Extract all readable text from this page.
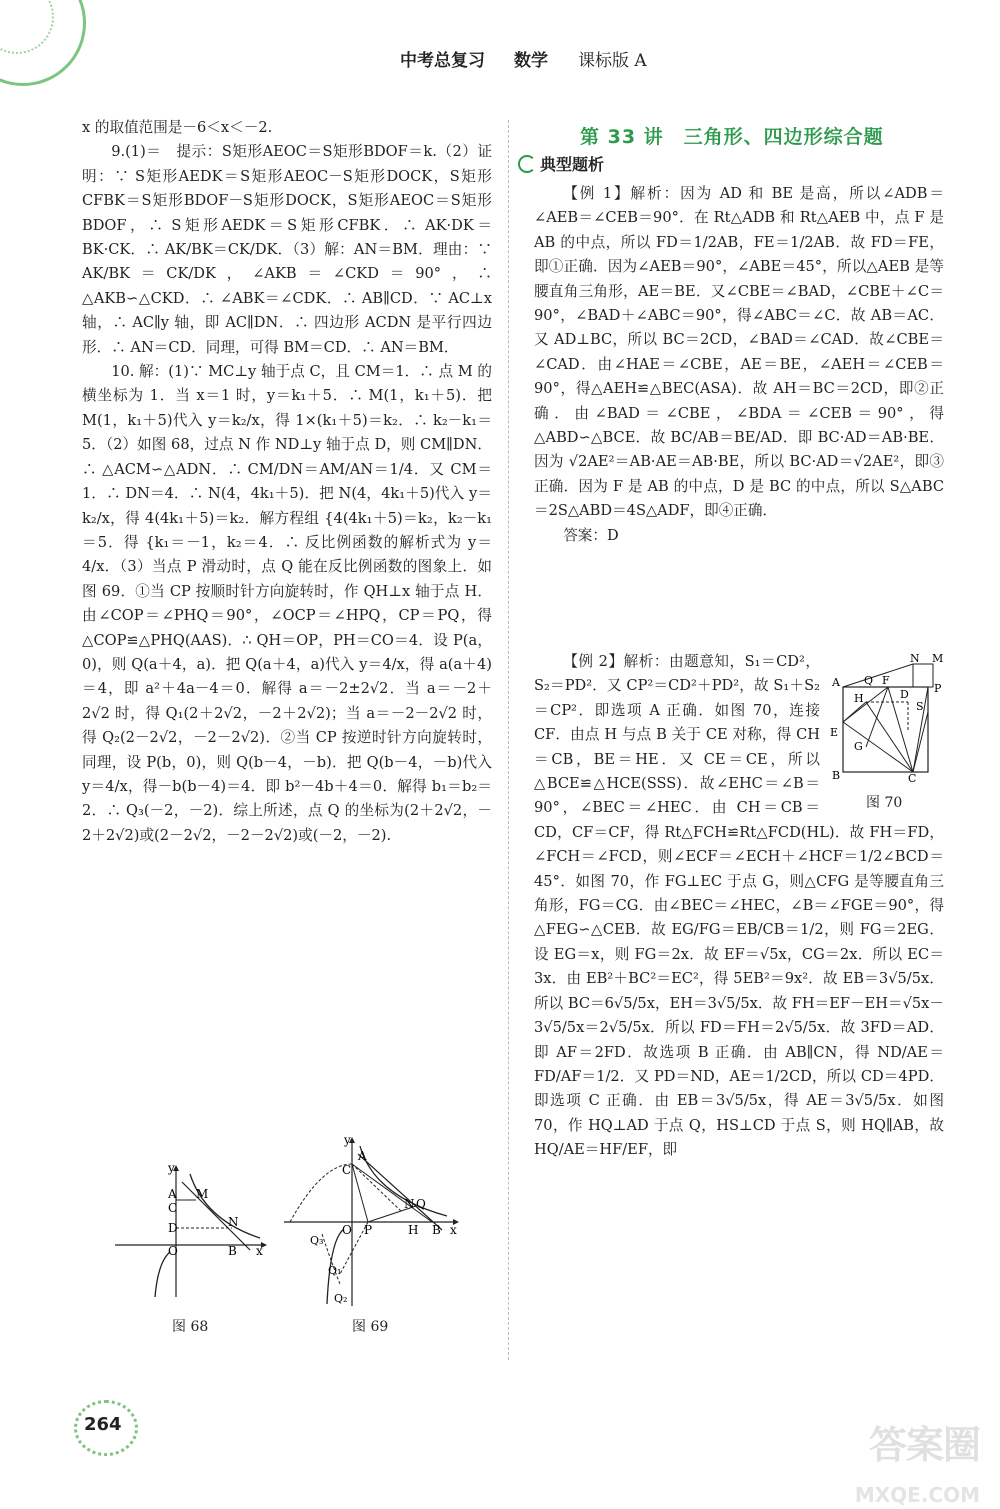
中考总复习 数学 课标版 A

x 的取值范围是－6＜x＜－2.

9.(1)＝　提示：S矩形AEOC＝S矩形BDOF＝k.（2）证明：∵ S矩形AEDK＝S矩形AEOC－S矩形DOCK，S矩形CFBK＝S矩形BDOF－S矩形DOCK，S矩形AEOC＝S矩形BDOF，∴ S矩形AEDK＝S矩形CFBK．∴ AK·DK＝BK·CK．∴ AK/BK＝CK/DK．（3）解：AN＝BM．理由：∵ AK/BK＝CK/DK，∠AKB＝∠CKD＝90°，∴ △AKB∽△CKD．∴ ∠ABK＝∠CDK．∴ AB∥CD．∵ AC⊥x 轴，∴ AC∥y 轴，即 AC∥DN．∴ 四边形 ACDN 是平行四边形．∴ AN＝CD．同理，可得 BM＝CD．∴ AN＝BM．

10. 解：(1)∵ MC⊥y 轴于点 C，且 CM＝1．∴ 点 M 的横坐标为 1．当 x＝1 时，y＝k₁＋5．∴ M(1，k₁＋5)．把 M(1，k₁＋5)代入 y＝k₂/x，得 1×(k₁＋5)＝k₂．∴ k₂－k₁＝5．（2）如图 68，过点 N 作 ND⊥y 轴于点 D，则 CM∥DN．∴ △ACM∽△ADN．∴ CM/DN＝AM/AN＝1/4．又 CM＝1．∴ DN＝4．∴ N(4，4k₁＋5)．把 N(4，4k₁＋5)代入 y＝k₂/x，得 4(4k₁＋5)＝k₂．解方程组 {4(4k₁＋5)＝k₂，k₂－k₁＝5．得 {k₁＝－1，k₂＝4．∴ 反比例函数的解析式为 y＝4/x．（3）当点 P 滑动时，点 Q 能在反比例函数的图象上．如图 69．①当 CP 按顺时针方向旋转时，作 QH⊥x 轴于点 H．由∠COP＝∠PHQ＝90°，∠OCP＝∠HPQ，CP＝PQ，得△COP≌△PHQ(AAS)．∴ QH＝OP，PH＝CO＝4．设 P(a，0)，则 Q(a＋4，a)．把 Q(a＋4，a)代入 y＝4/x，得 a(a＋4)＝4，即 a²＋4a－4＝0．解得 a＝－2±2√2．当 a＝－2＋2√2 时，得 Q₁(2＋2√2，－2＋2√2)；当 a＝－2－2√2 时，得 Q₂(2－2√2，－2－2√2)．②当 CP 按逆时针方向旋转时，同理，设 P(b，0)，则 Q(b－4，－b)．把 Q(b－4，－b)代入 y＝4/x，得－b(b－4)＝4．即 b²－4b＋4＝0．解得 b₁＝b₂＝2．∴ Q₃(－2，－2)．综上所述，点 Q 的坐标为(2＋2√2，－2＋2√2)或(2－2√2，－2－2√2)或(－2，－2).

y
A M
C
D	N
O	B x
图 68
y
A
C
N Q
O P	H B x
Q₃
Q₁
Q₂
图 69
第 33 讲　三角形、四边形综合题
典型题析

【例 1】解析：因为 AD 和 BE 是高，所以∠ADB＝∠AEB＝∠CEB＝90°．在 Rt△ADB 和 Rt△AEB 中，点 F 是 AB 的中点，所以 FD＝1/2AB，FE＝1/2AB．故 FD＝FE，即①正确．因为∠AEB＝90°，∠ABE＝45°，所以△AEB 是等腰直角三角形，AE＝BE．又∠CBE＝∠BAD，∠CBE＋∠C＝90°，∠BAD＋∠ABC＝90°，得∠ABC＝∠C．故 AB＝AC．又 AD⊥BC，所以 BC＝2CD，∠BAD＝∠CAD．故∠CBE＝∠CAD．由∠HAE＝∠CBE，AE＝BE，∠AEH＝∠CEB＝90°，得△AEH≌△BEC(ASA)．故 AH＝BC＝2CD，即②正确．由∠BAD＝∠CBE，∠BDA＝∠CEB＝90°，得△ABD∽△BCE．故 BC/AB＝BE/AD．即 BC·AD＝AB·BE．因为 √2AE²＝AB·AE＝AB·BE，所以 BC·AD＝√2AE²，即③正确．因为 F 是 AB 的中点，D 是 BC 的中点，所以 S△ABC＝2S△ABD＝4S△ADF，即④正确．

答案：D

Q F
N M
A
H	D P
S
E
G
B	C
图 70

【例 2】解析：由题意知，S₁＝CD²，S₂＝PD²．又 CP²＝CD²＋PD²，故 S₁＋S₂＝CP²．即选项 A 正确．如图 70，连接 CF．由点 H 与点 B 关于 CE 对称，得 CH＝CB，BE＝HE．又 CE＝CE，所以△BCE≌△HCE(SSS)．故∠EHC＝∠B＝90°，∠BEC＝∠HEC．由 CH＝CB＝CD，CF＝CF，得 Rt△FCH≌Rt△FCD(HL)．故 FH＝FD，∠FCH＝∠FCD，则∠ECF＝∠ECH＋∠HCF＝1/2∠BCD＝45°．如图 70，作 FG⊥EC 于点 G，则△CFG 是等腰直角三角形，FG＝CG．由∠BEC＝∠HEC，∠B＝∠FGE＝90°，得△FEG∽△CEB．故 EG/FG＝EB/CB＝1/2，则 FG＝2EG．设 EG＝x，则 FG＝2x．故 EF＝√5x，CG＝2x．所以 EC＝3x．由 EB²＋BC²＝EC²，得 5EB²＝9x²．故 EB＝3√5/5x．所以 BC＝6√5/5x，EH＝3√5/5x．故 FH＝EF－EH＝√5x－3√5/5x＝2√5/5x．所以 FD＝FH＝2√5/5x．故 3FD＝AD．即 AF＝2FD．故选项 B 正确．由 AB∥CN，得 ND/AE＝FD/AF＝1/2．又 PD＝ND，AE＝1/2CD，所以 CD＝4PD．即选项 C 正确．由 EB＝3√5/5x，得 AE＝3√5/5x．如图 70，作 HQ⊥AD 于点 Q，HS⊥CD 于点 S，则 HQ∥AB，故 HQ/AE＝HF/EF，即

264	答案圈
MXQE.COM
